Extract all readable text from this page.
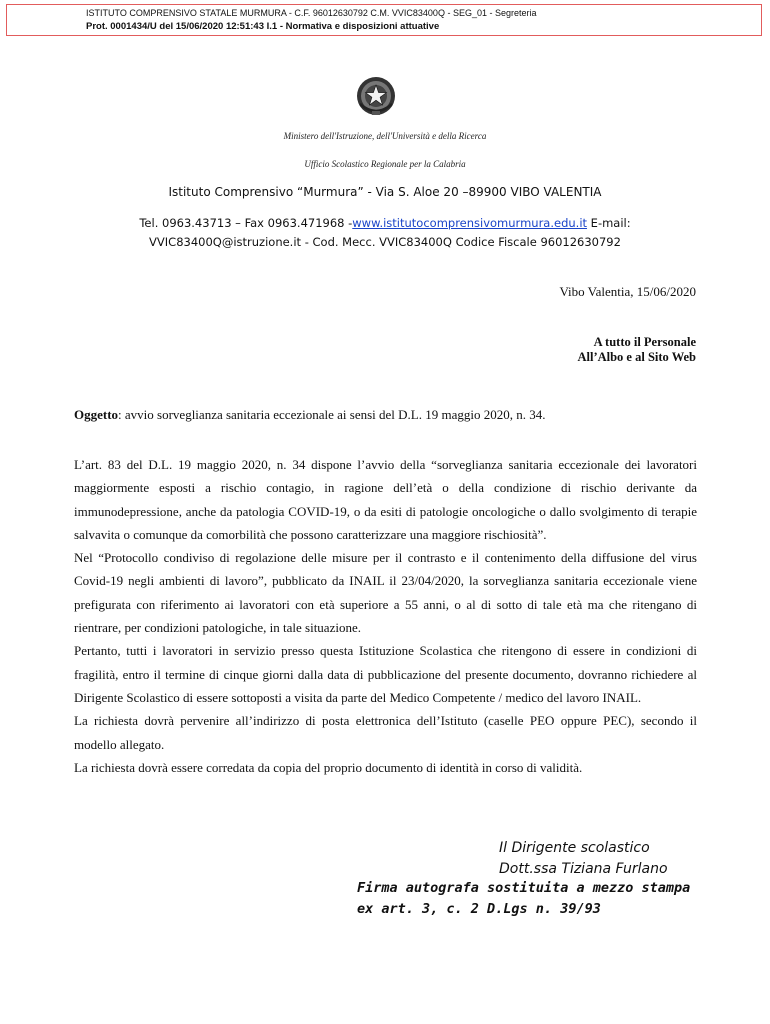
ISTITUTO COMPRENSIVO STATALE MURMURA - C.F. 96012630792 C.M. VVIC83400Q - SEG_01 - Segreteria
Prot. 0001434/U del 15/06/2020 12:51:43 I.1 - Normativa e disposizioni attuative
Ministero dell'Istruzione, dell'Università e della Ricerca
Ufficio Scolastico Regionale per la Calabria
Istituto Comprensivo “Murmura” - Via S. Aloe 20 –89900 VIBO VALENTIA
Tel. 0963.43713 – Fax 0963.471968 -www.istitutocomprensivomurmura.edu.it E-mail:
VVIC83400Q@istruzione.it - Cod. Mecc. VVIC83400Q Codice Fiscale 96012630792
Vibo Valentia, 15/06/2020
A tutto il Personale
All’Albo e al Sito Web
Oggetto: avvio sorveglianza sanitaria eccezionale ai sensi del D.L. 19 maggio 2020, n. 34.

L’art. 83 del D.L. 19 maggio 2020, n. 34 dispone l’avvio della “sorveglianza sanitaria eccezionale dei lavoratori maggiormente esposti a rischio contagio, in ragione dell’età o della condizione di rischio derivante da immunodepressione, anche da patologia COVID-19, o da esiti di patologie oncologiche o dallo svolgimento di terapie salvavita o comunque da comorbilità che possono caratterizzare una maggiore rischiosità”.

Nel “Protocollo condiviso di regolazione delle misure per il contrasto e il contenimento della diffusione del virus Covid-19 negli ambienti di lavoro”, pubblicato da INAIL il 23/04/2020, la sorveglianza sanitaria eccezionale viene prefigurata con riferimento ai lavoratori con età superiore a 55 anni, o al di sotto di tale età ma che ritengano di rientrare, per condizioni patologiche, in tale situazione.

Pertanto, tutti i lavoratori in servizio presso questa Istituzione Scolastica che ritengono di essere in condizioni di fragilità, entro il termine di cinque giorni dalla data di pubblicazione del presente documento, dovranno richiedere al Dirigente Scolastico di essere sottoposti a visita da parte del Medico Competente / medico del lavoro INAIL.

La richiesta dovrà pervenire all’indirizzo di posta elettronica dell’Istituto (caselle PEO oppure PEC), secondo il modello allegato.

La richiesta dovrà essere corredata da copia del proprio documento di identità in corso di validità.

Il Dirigente scolastico
Dott.ssa Tiziana Furlano
Firma autografa sostituita a mezzo stampa
ex art. 3, c. 2 D.Lgs n. 39/93
